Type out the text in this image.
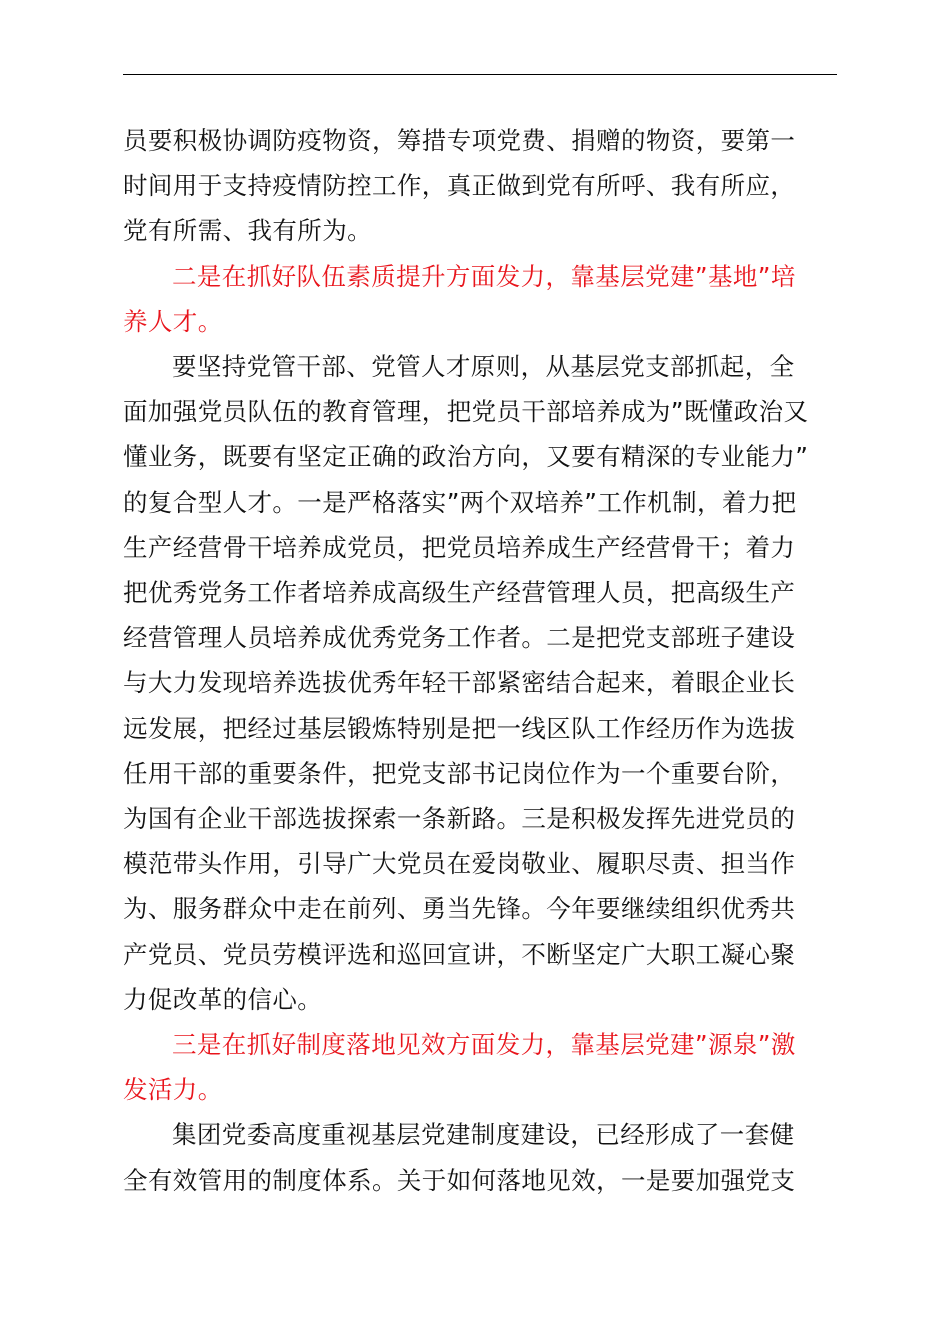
员要积极协调防疫物资，筹措专项党费、捐赠的物资，要第一
时间用于支持疫情防控工作，真正做到党有所呼、我有所应，
党有所需、我有所为。

二是在抓好队伍素质提升方面发力，靠基层党建”基地”培
养人才。

要坚持党管干部、党管人才原则，从基层党支部抓起，全
面加强党员队伍的教育管理，把党员干部培养成为”既懂政治又
懂业务，既要有坚定正确的政治方向，又要有精深的专业能力”
的复合型人才。一是严格落实”两个双培养”工作机制，着力把
生产经营骨干培养成党员，把党员培养成生产经营骨干；着力
把优秀党务工作者培养成高级生产经营管理人员，把高级生产
经营管理人员培养成优秀党务工作者。二是把党支部班子建设
与大力发现培养选拔优秀年轻干部紧密结合起来，着眼企业长
远发展，把经过基层锻炼特别是把一线区队工作经历作为选拔
任用干部的重要条件，把党支部书记岗位作为一个重要台阶，
为国有企业干部选拔探索一条新路。三是积极发挥先进党员的
模范带头作用，引导广大党员在爱岗敬业、履职尽责、担当作
为、服务群众中走在前列、勇当先锋。今年要继续组织优秀共
产党员、党员劳模评选和巡回宣讲，不断坚定广大职工凝心聚
力促改革的信心。

三是在抓好制度落地见效方面发力，靠基层党建”源泉”激
发活力。

集团党委高度重视基层党建制度建设，已经形成了一套健
全有效管用的制度体系。关于如何落地见效，一是要加强党支
